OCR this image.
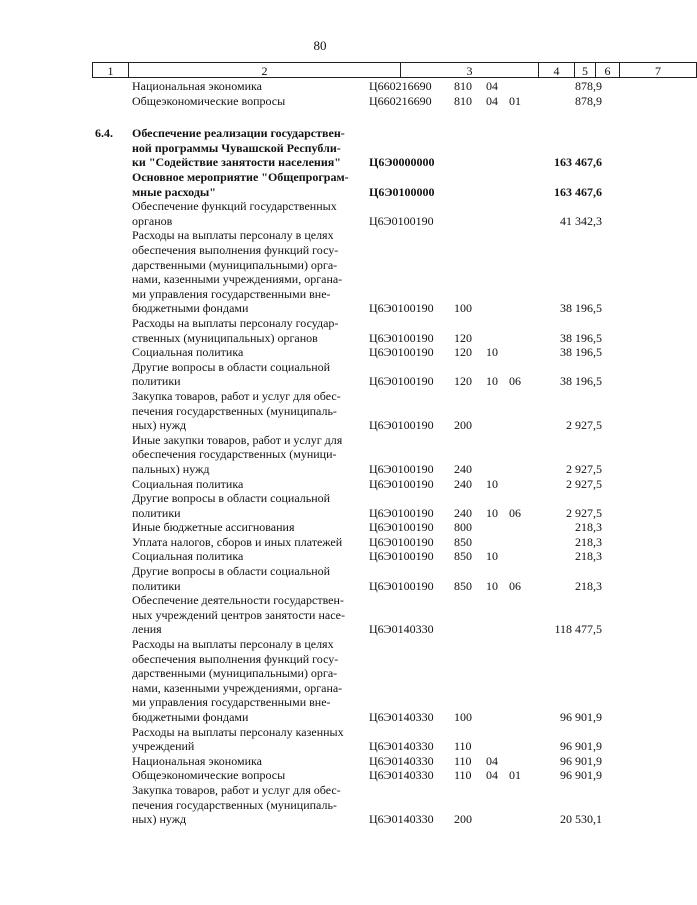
80
1	2	3	4	5	6	7
Национальная экономика	Ц660216690 810 04	878,9
Общеэкономические вопросы	Ц660216690 810 04 01	878,9
6.4. Обеспечение реализации государствен-
ной программы Чувашской Республи-
ки "Содействие занятости населения"	Ц6Э0000000	163 467,6
Основное мероприятие "Общепрограм-
мные расходы"	Ц6Э0100000	163 467,6
Обеспечение функций государственных
органов	Ц6Э0100190	41 342,3
Расходы на выплаты персоналу в целях
обеспечения выполнения функций госу-
дарственными (муниципальными) орга-
нами, казенными учреждениями, органа-
ми управления государственными вне-
бюджетными фондами	Ц6Э0100190 100	38 196,5
Расходы на выплаты персоналу государ-
ственных (муниципальных) органов	Ц6Э0100190 120	38 196,5
Социальная политика	Ц6Э0100190 120 10	38 196,5
Другие вопросы в области социальной
политики	Ц6Э0100190 120 10 06	38 196,5
Закупка товаров, работ и услуг для обес-
печения государственных (муниципаль-
ных) нужд	Ц6Э0100190 200	2 927,5
Иные закупки товаров, работ и услуг для
обеспечения государственных (муници-
пальных) нужд	Ц6Э0100190 240	2 927,5
Социальная политика	Ц6Э0100190 240 10	2 927,5
Другие вопросы в области социальной
политики	Ц6Э0100190 240 10 06	2 927,5
Иные бюджетные ассигнования	Ц6Э0100190 800	218,3
Уплата налогов, сборов и иных платежей	Ц6Э0100190 850	218,3
Социальная политика	Ц6Э0100190 850 10	218,3
Другие вопросы в области социальной
политики	Ц6Э0100190 850 10 06	218,3
Обеспечение деятельности государствен-
ных учреждений центров занятости насе-
ления	Ц6Э0140330	118 477,5
Расходы на выплаты персоналу в целях
обеспечения выполнения функций госу-
дарственными (муниципальными) орга-
нами, казенными учреждениями, органа-
ми управления государственными вне-
бюджетными фондами	Ц6Э0140330 100	96 901,9
Расходы на выплаты персоналу казенных
учреждений	Ц6Э0140330 110	96 901,9
Национальная экономика	Ц6Э0140330 110 04	96 901,9
Общеэкономические вопросы	Ц6Э0140330 110 04 01	96 901,9
Закупка товаров, работ и услуг для обес-
печения государственных (муниципаль-
ных) нужд	Ц6Э0140330 200	20 530,1
